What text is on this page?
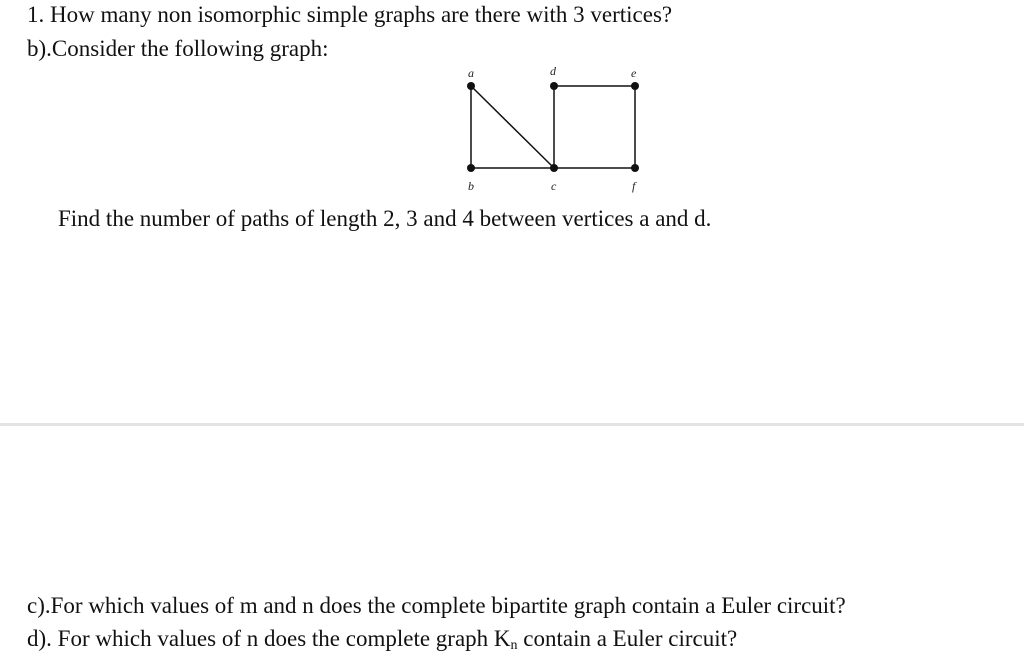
1. How many non isomorphic simple graphs are there with 3 vertices?
b).Consider the following graph:
a	d	e
b	c	f
Find the number of paths of length 2, 3 and 4 between vertices a and d.
c).For which values of m and n does the complete bipartite graph contain a Euler circuit?
d). For which values of n does the complete graph Kn contain a Euler circuit?
